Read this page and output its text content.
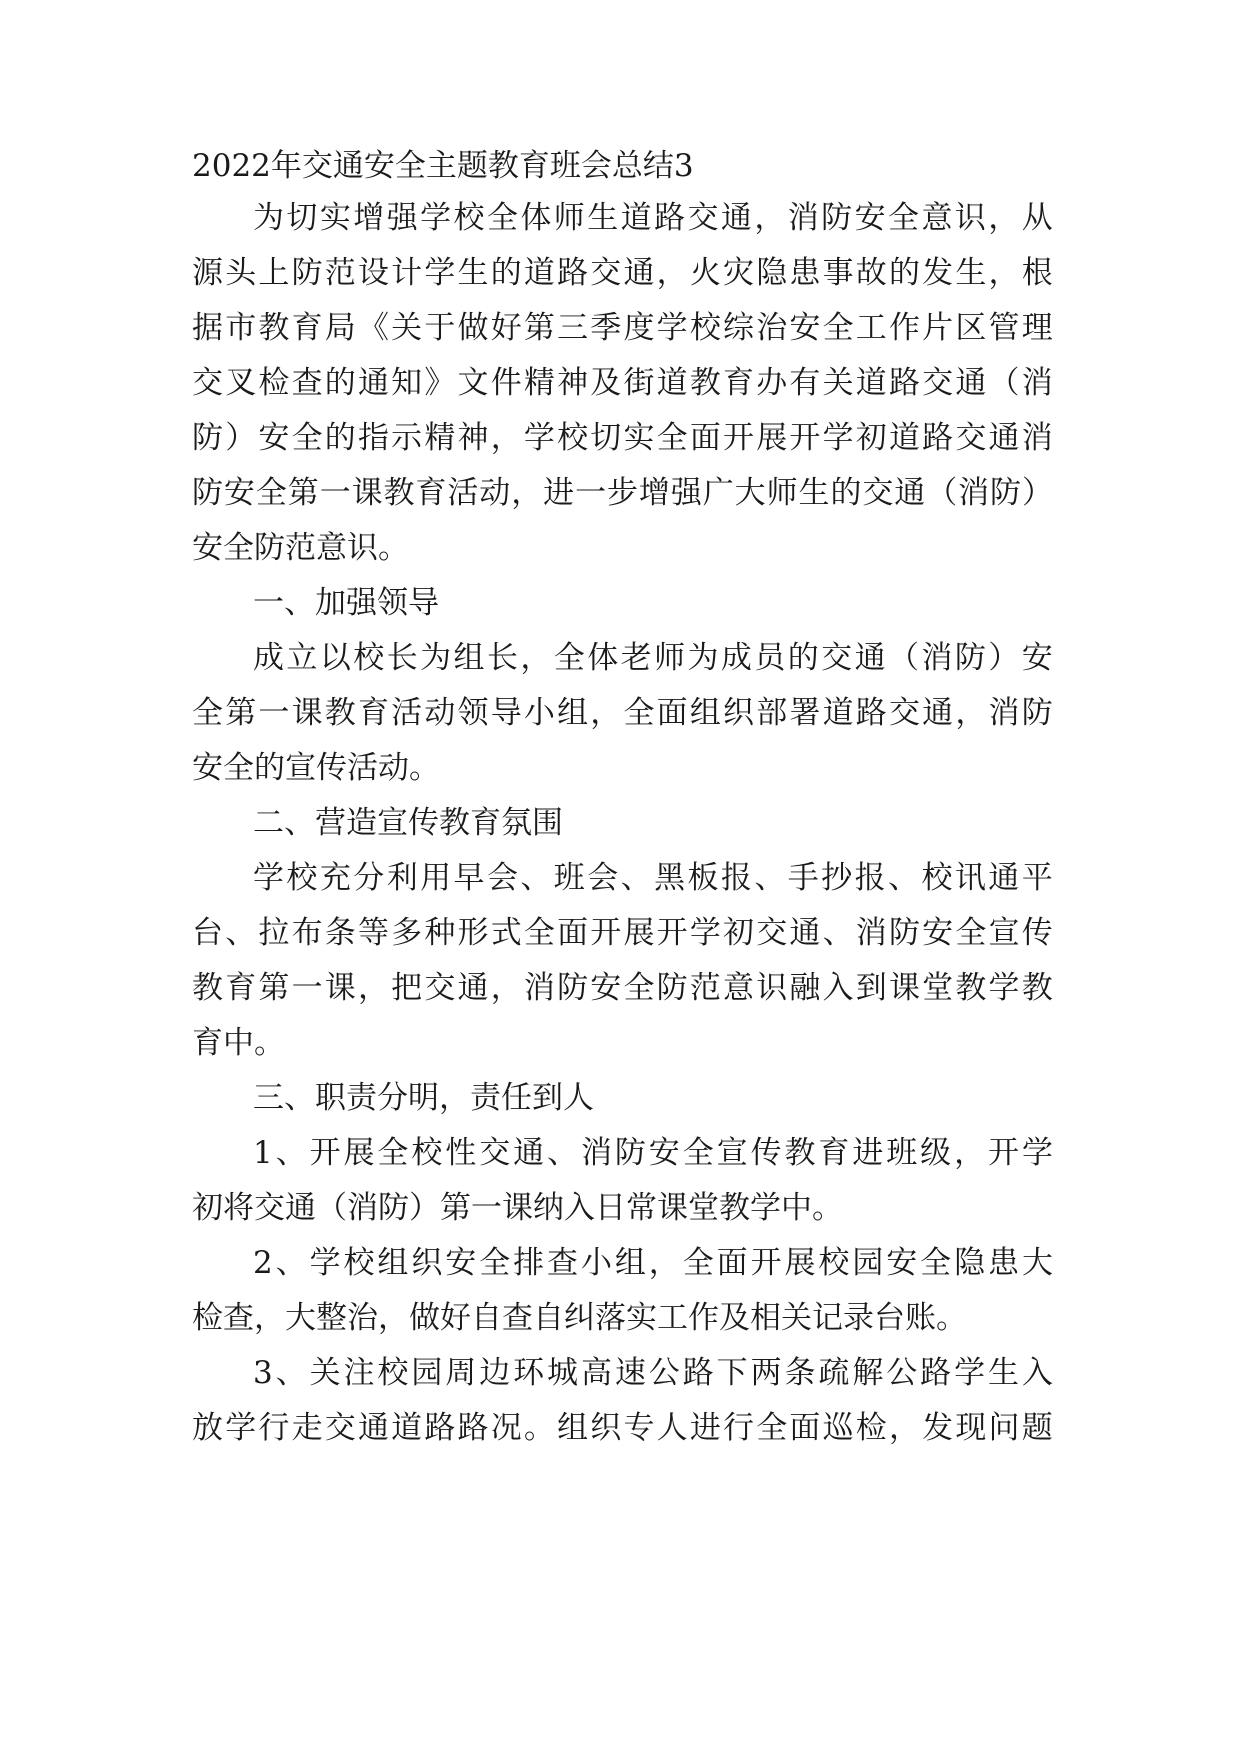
2022年交通安全主题教育班会总结3
为 切 实 增 强 学 校 全 体 师 生 道 路 交 通 ， 消 防 安 全 意 识 ， 从
源 头 上 防 范 设 计 学 生 的 道 路 交 通 ， 火 灾 隐 患 事 故 的 发 生 ， 根
据 市 教 育 局 《 关 于 做 好 第 三 季 度 学 校 综 治 安 全 工 作 片 区 管 理
交 叉 检 查 的 通 知 》 文 件 精 神 及 街 道 教 育 办 有 关 道 路 交 通 （ 消
防 ） 安 全 的 指 示 精 神 ， 学 校 切 实 全 面 开 展 开 学 初 道 路 交 通 消
防 安 全 第 一 课 教 育 活 动 ， 进 一 步 增 强 广 大 师 生 的 交 通 （ 消 防 ）
安全防范意识。
一、加强领导
成 立 以 校 长 为 组 长 ， 全 体 老 师 为 成 员 的 交 通 （ 消 防 ） 安
全 第 一 课 教 育 活 动 领 导 小 组 ， 全 面 组 织 部 署 道 路 交 通 ， 消 防
安全的宣传活动。
二、营造宣传教育氛围
学 校 充 分 利 用 早 会 、 班 会 、 黑 板 报 、 手 抄 报 、 校 讯 通 平
台 、 拉 布 条 等 多 种 形 式 全 面 开 展 开 学 初 交 通 、 消 防 安 全 宣 传
教 育 第 一 课 ， 把 交 通 ， 消 防 安 全 防 范 意 识 融 入 到 课 堂 教 学 教
育中。
三、职责分明，责任到人
1 、 开 展 全 校 性 交 通 、 消 防 安 全 宣 传 教 育 进 班 级 ， 开 学
初将交通（消防）第一课纳入日常课堂教学中。
2 、 学 校 组 织 安 全 排 查 小 组 ， 全 面 开 展 校 园 安 全 隐 患 大
检查，大整治，做好自查自纠落实工作及相关记录台账。
3 、 关 注 校 园 周 边 环 城 高 速 公 路 下 两 条 疏 解 公 路 学 生 入
放 学 行 走 交 通 道 路 路 况 。 组 织 专 人 进 行 全 面 巡 检 ， 发 现 问 题
